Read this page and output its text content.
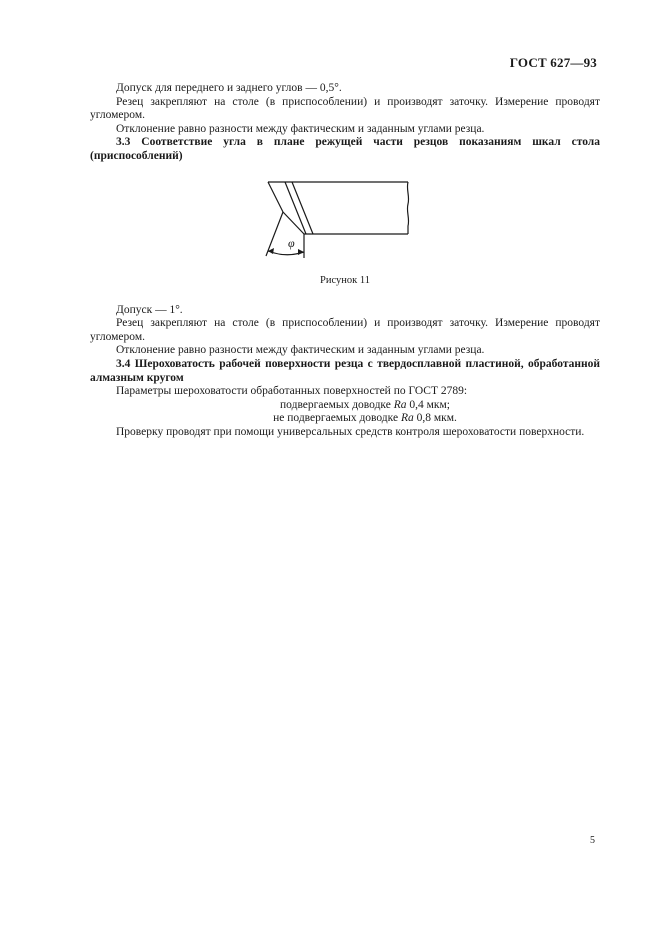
ГОСТ 627—93

Допуск для переднего и заднего углов — 0,5°.

Резец закрепляют на столе (в приспособлении) и производят заточку. Измерение проводят угломером.

Отклонение равно разности между фактическим и заданным углами резца.

3.3 Соответствие угла в плане режущей части резцов показаниям шкал стола (приспособлений)

φ
Рисунок 11

Допуск — 1°.

Резец закрепляют на столе (в приспособлении) и производят заточку. Измерение проводят угломером.

Отклонение равно разности между фактическим и заданным углами резца.

3.4 Шероховатость рабочей поверхности резца с твердосплавной пластиной, обработанной алмазным кругом

Параметры шероховатости обработанных поверхностей по ГОСТ 2789:

подвергаемых доводке Ra 0,4 мкм;

не подвергаемых доводке Ra 0,8 мкм.

Проверку проводят при помощи универсальных средств контроля шероховатости поверхности.

5
